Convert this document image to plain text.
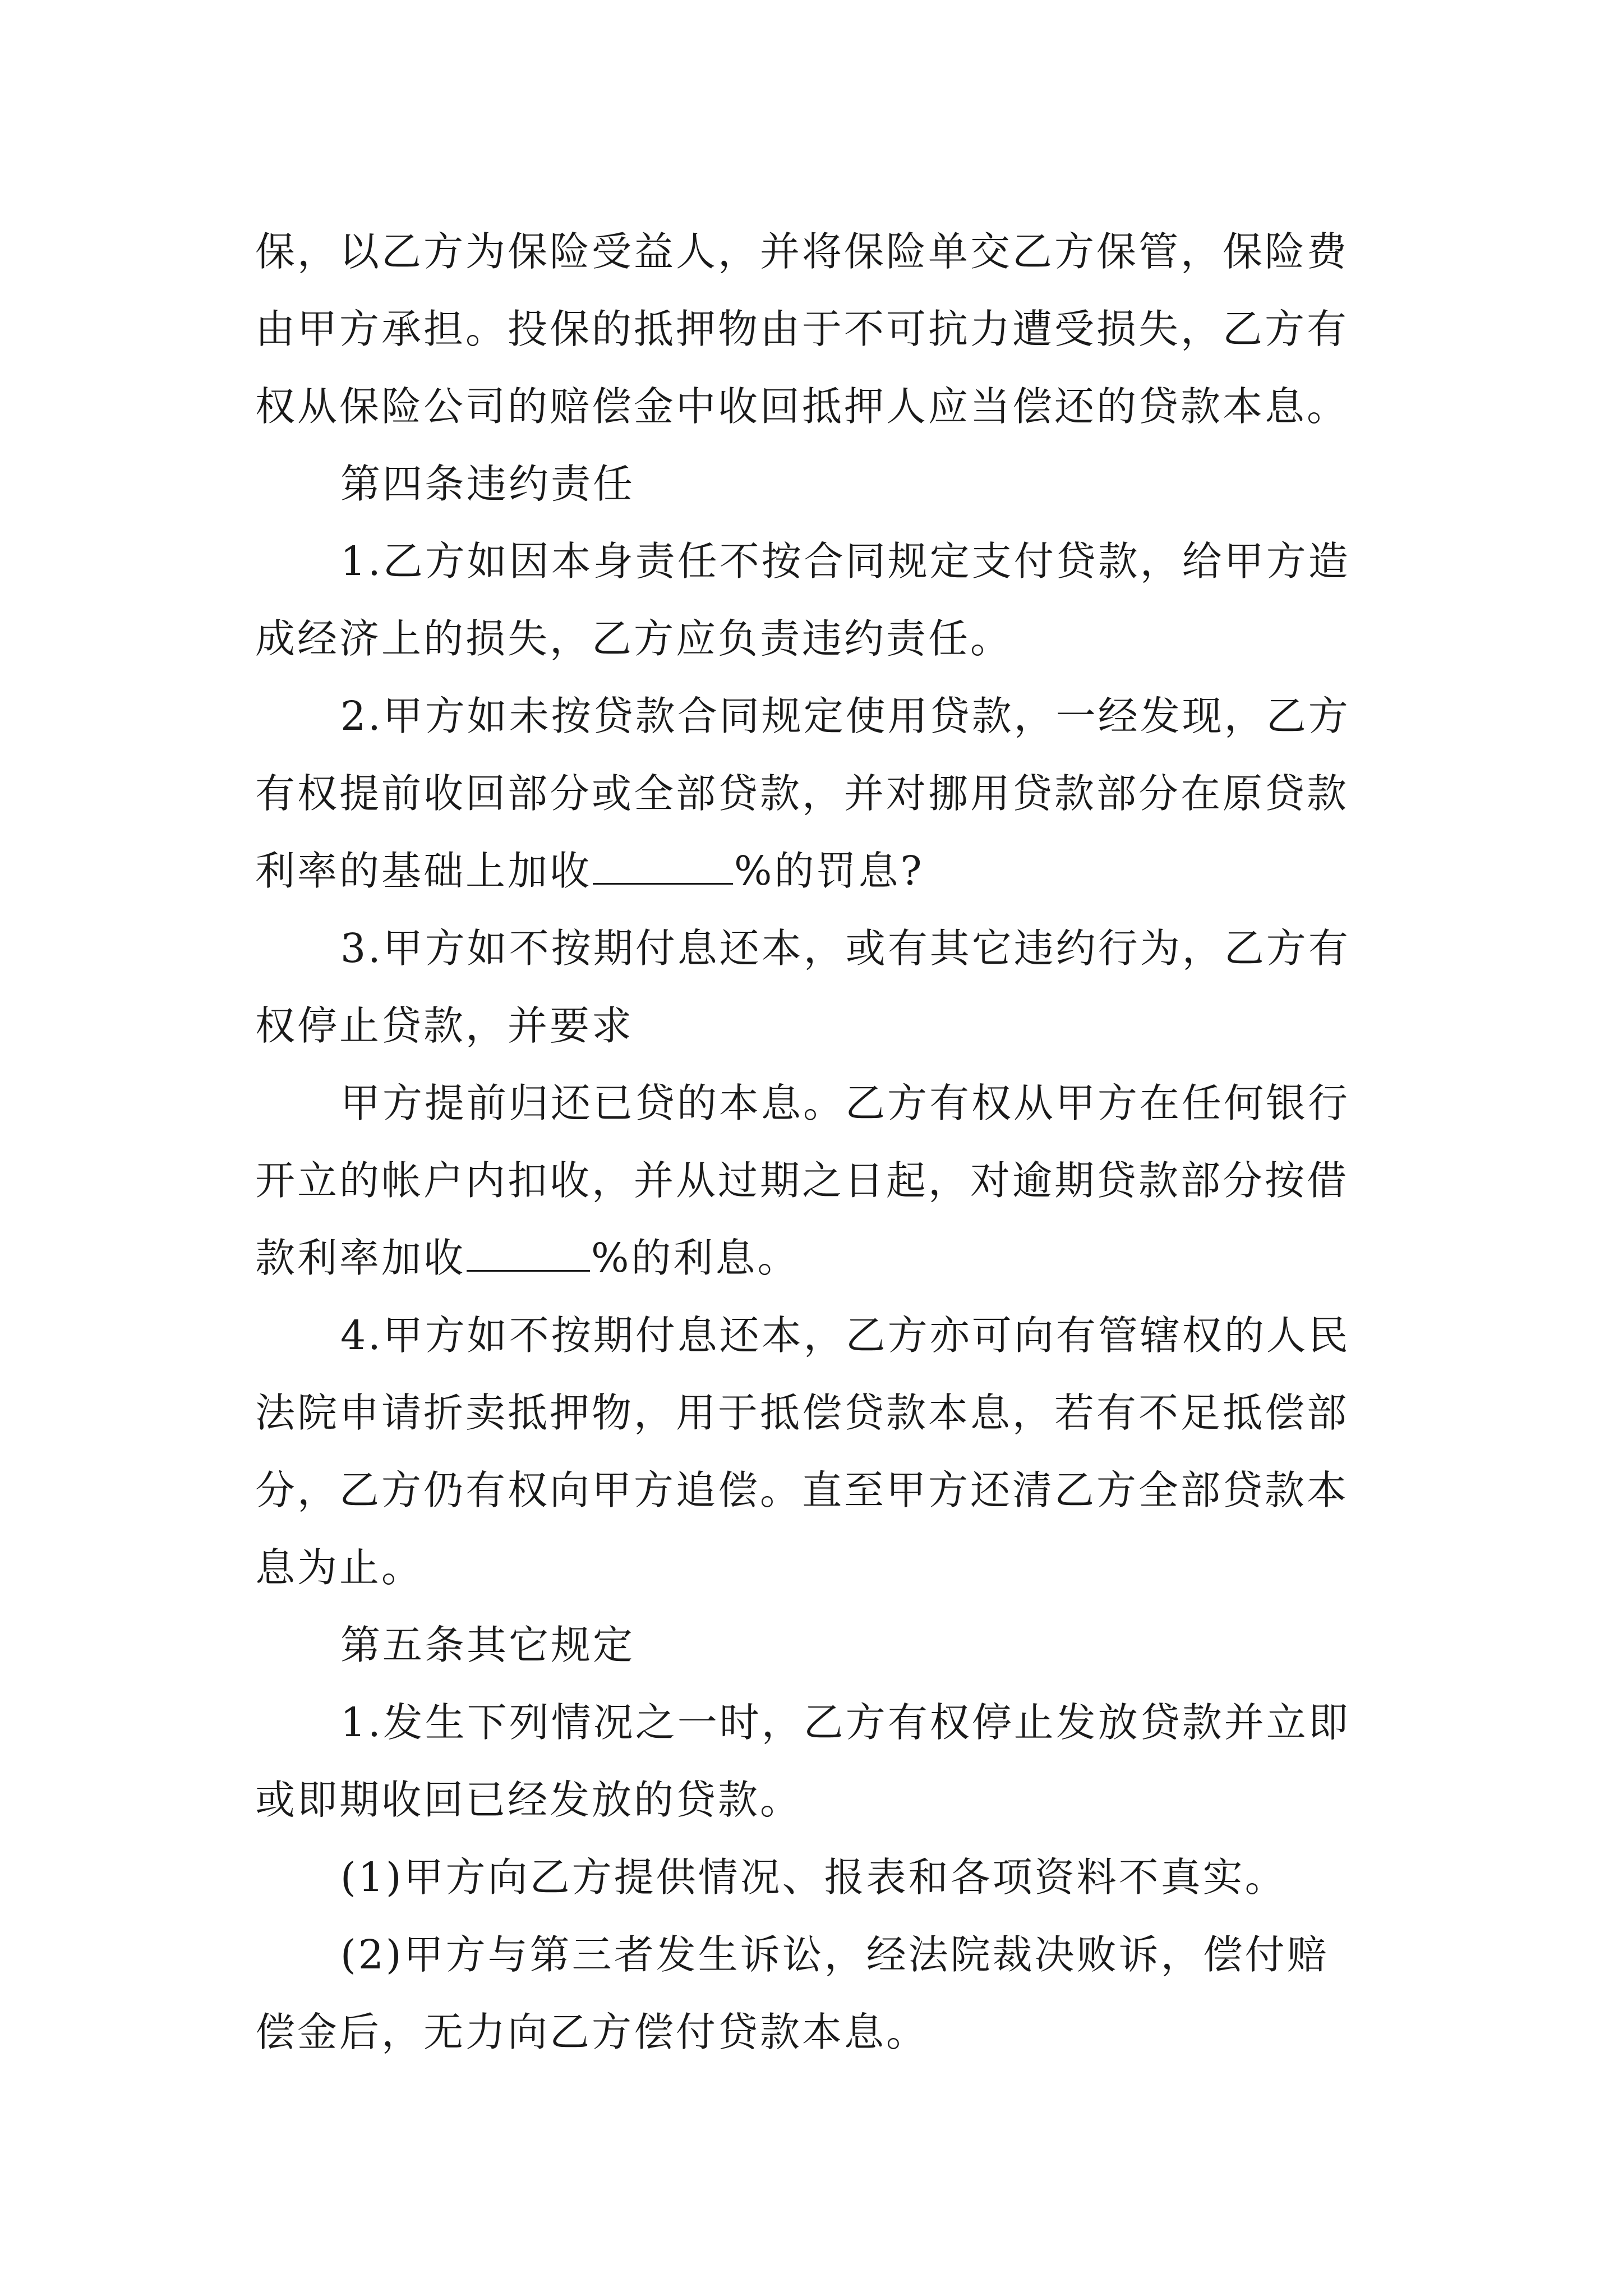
保，以乙方为保险受益人，并将保险单交乙方保管，保险费
由甲方承担。投保的抵押物由于不可抗力遭受损失，乙方有
权从保险公司的赔偿金中收回抵押人应当偿还的贷款本息。
第四条违约责任
1.乙方如因本身责任不按合同规定支付贷款，给甲方造
成经济上的损失，乙方应负责违约责任。
2.甲方如未按贷款合同规定使用贷款，一经发现，乙方
有权提前收回部分或全部贷款，并对挪用贷款部分在原贷款
利率的基础上加收	%的罚息?
3.甲方如不按期付息还本，或有其它违约行为，乙方有
权停止贷款，并要求
甲方提前归还已贷的本息。乙方有权从甲方在任何银行
开立的帐户内扣收，并从过期之日起，对逾期贷款部分按借
款利率加收	%的利息。
4.甲方如不按期付息还本，乙方亦可向有管辖权的人民
法院申请折卖抵押物，用于抵偿贷款本息，若有不足抵偿部
分，乙方仍有权向甲方追偿。直至甲方还清乙方全部贷款本
息为止。
第五条其它规定
1.发生下列情况之一时，乙方有权停止发放贷款并立即
或即期收回已经发放的贷款。
(1)甲方向乙方提供情况、报表和各项资料不真实。
(2)甲方与第三者发生诉讼，经法院裁决败诉，偿付赔
偿金后，无力向乙方偿付贷款本息。
